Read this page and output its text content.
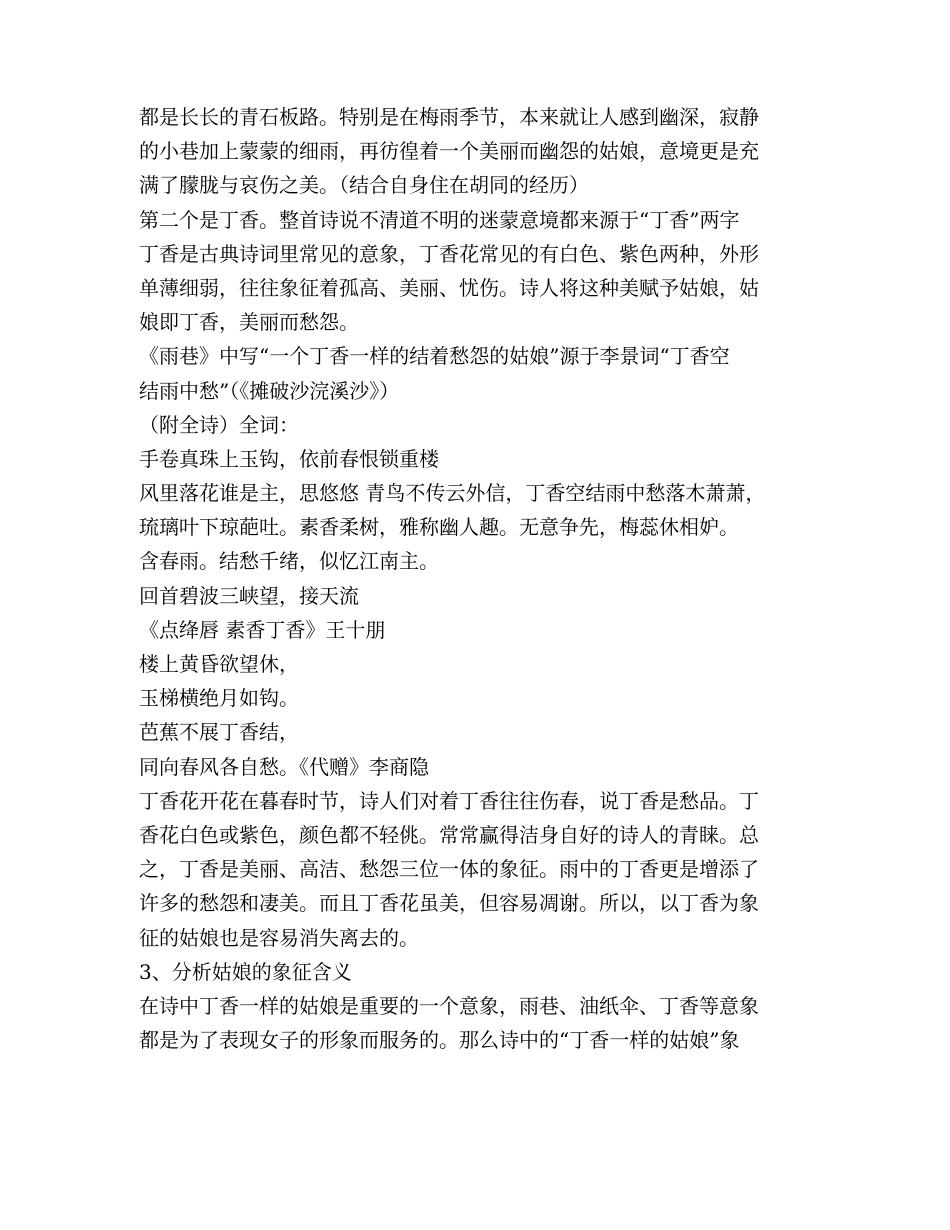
都是长长的青石板路。特别是在梅雨季节，本来就让人感到幽深，寂静
的小巷加上蒙蒙的细雨，再彷徨着一个美丽而幽怨的姑娘，意境更是充
满了朦胧与哀伤之美。（结合自身住在胡同的经历）
第二个是丁香。整首诗说不清道不明的迷蒙意境都来源于“丁香”两字
丁香是古典诗词里常见的意象，丁香花常见的有白色、紫色两种，外形
单薄细弱，往往象征着孤高、美丽、忧伤。诗人将这种美赋予姑娘，姑
娘即丁香，美丽而愁怨。
《雨巷》中写“一个丁香一样的结着愁怨的姑娘”源于李景词“丁香空
结雨中愁”（《摊破沙浣溪沙》）
（附全诗）全词：
手卷真珠上玉钩，依前春恨锁重楼
风里落花谁是主，思悠悠 青鸟不传云外信，丁香空结雨中愁落木萧萧，
琉璃叶下琼葩吐。素香柔树，雅称幽人趣。无意争先，梅蕊休相妒。
含春雨。结愁千绪，似忆江南主。
回首碧波三峡望，接天流
《点绛唇 素香丁香》王十朋
楼上黄昏欲望休，
玉梯横绝月如钩。
芭蕉不展丁香结，
同向春风各自愁。《代赠》李商隐
丁香花开花在暮春时节，诗人们对着丁香往往伤春，说丁香是愁品。丁
香花白色或紫色，颜色都不轻佻。常常赢得洁身自好的诗人的青睐。总
之，丁香是美丽、高洁、愁怨三位一体的象征。雨中的丁香更是增添了
许多的愁怨和凄美。而且丁香花虽美，但容易凋谢。所以，以丁香为象
征的姑娘也是容易消失离去的。
3、分析姑娘的象征含义
在诗中丁香一样的姑娘是重要的一个意象，雨巷、油纸伞、丁香等意象
都是为了表现女子的形象而服务的。那么诗中的“丁香一样的姑娘”象
